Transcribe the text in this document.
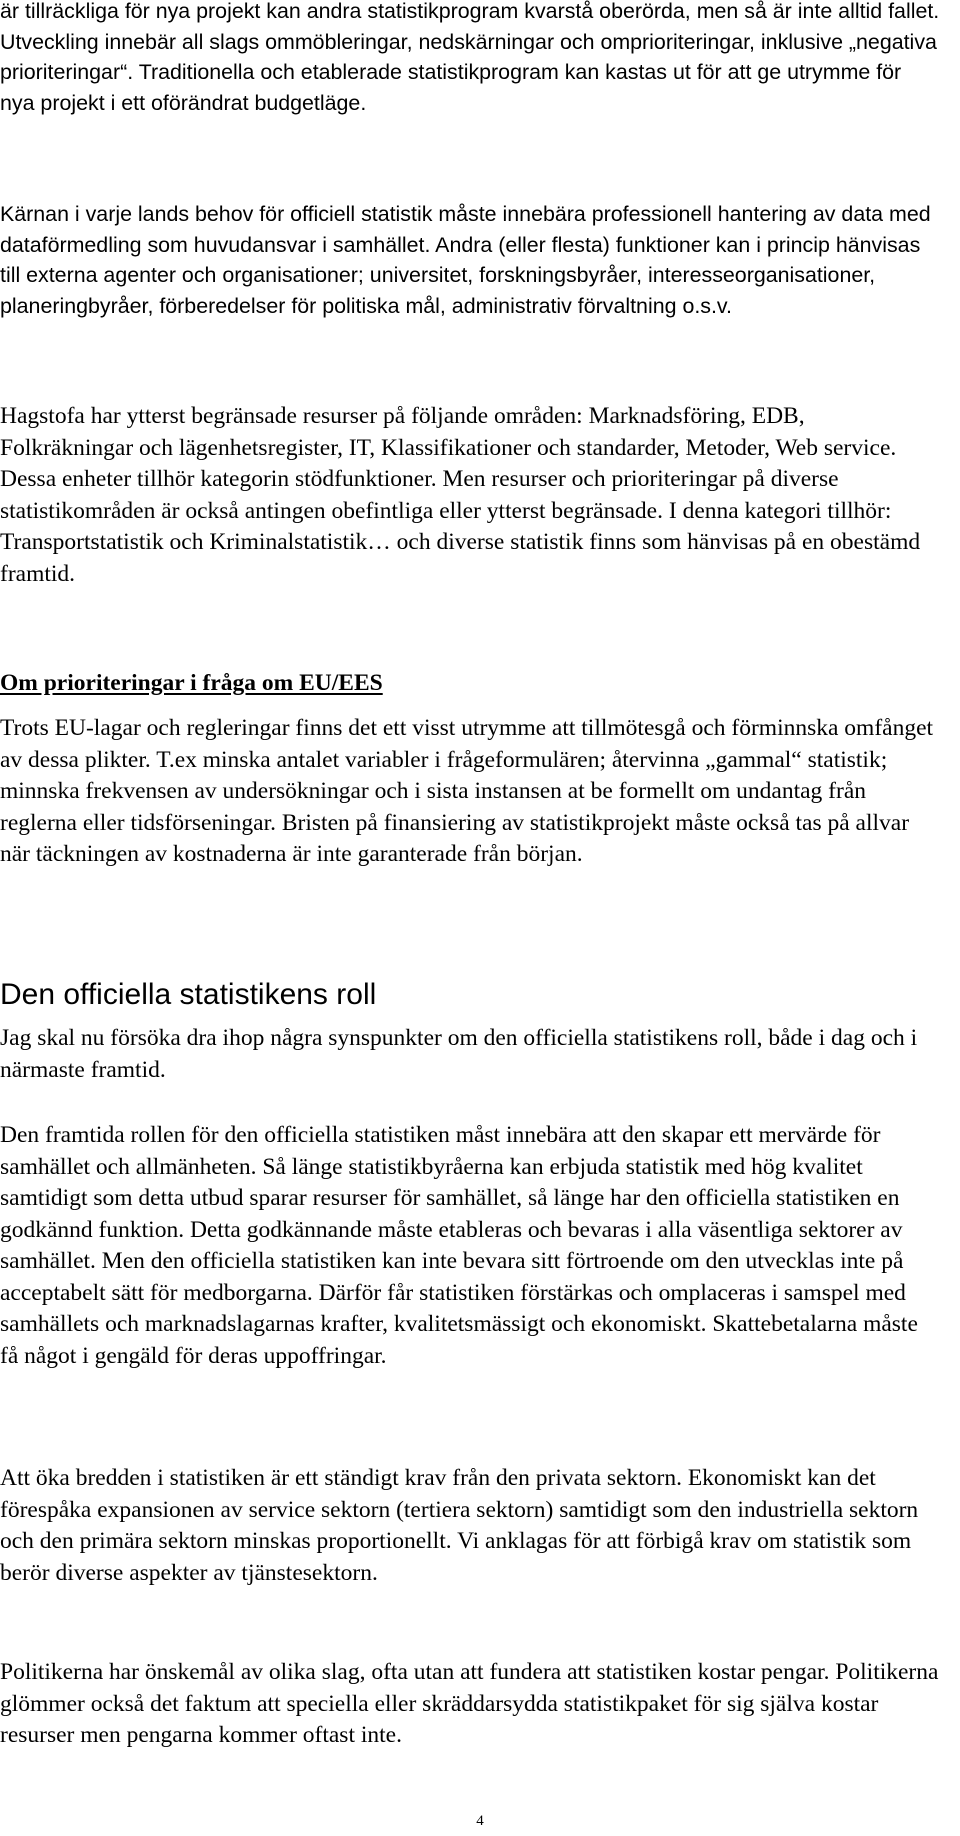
är tillräckliga för nya projekt kan andra statistikprogram kvarstå oberörda, men så är inte alltid fallet. Utveckling innebär all slags ommöbleringar, nedskärningar och omprioriteringar, inklusive „negativa prioriteringar“. Traditionella och etablerade statistikprogram kan kastas ut för att ge utrymme för nya projekt i ett oförändrat budgetläge.

Kärnan i varje lands behov för officiell statistik måste innebära professionell hantering av data med dataförmedling som huvudansvar i samhället. Andra (eller flesta) funktioner kan i princip hänvisas till externa agenter och organisationer; universitet, forskningsbyråer, interesseorganisationer, planeringbyråer, förberedelser för politiska mål, administrativ förvaltning o.s.v.

Hagstofa har ytterst begränsade resurser på följande områden: Marknadsföring, EDB, Folkräkningar och lägenhetsregister, IT, Klassifikationer och standarder, Metoder, Web service. Dessa enheter tillhör kategorin stödfunktioner. Men resurser och prioriteringar på diverse statistikområden är också antingen obefintliga eller ytterst begränsade. I denna kategori tillhör: Transportstatistik och Kriminalstatistik… och diverse statistik finns som hänvisas på en obestämd framtid.

Om prioriteringar i fråga om EU/EES

Trots EU-lagar och regleringar finns det ett visst utrymme att tillmötesgå och förminnska omfånget av dessa plikter. T.ex minska antalet variabler i frågeformulären; återvinna „gammal“ statistik; minnska frekvensen av undersökningar och i sista instansen at be formellt om undantag från reglerna eller tidsförseningar. Bristen på finansiering av statistikprojekt måste också tas på allvar när täckningen av kostnaderna är inte garanterade från början.

Den officiella statistikens roll

Jag skal nu försöka dra ihop några synspunkter om den officiella statistikens roll, både i dag och i närmaste framtid.

Den framtida rollen för den officiella statistiken måst innebära att den skapar ett mervärde för samhället och allmänheten. Så länge statistikbyråerna kan erbjuda statistik med hög kvalitet samtidigt som detta utbud sparar resurser för samhället, så länge har den officiella statistiken en godkännd funktion. Detta godkännande måste etableras och bevaras i alla väsentliga sektorer av samhället. Men den officiella statistiken kan inte bevara sitt förtroende om den utvecklas inte på acceptabelt sätt för medborgarna. Därför får statistiken förstärkas och omplaceras i samspel med samhällets och marknadslagarnas krafter, kvalitetsmässigt och ekonomiskt. Skattebetalarna måste få något i gengäld för deras uppoffringar.

Att öka bredden i statistiken är ett ständigt krav från den privata sektorn. Ekonomiskt kan det förespåka expansionen av service sektorn (tertiera sektorn) samtidigt som den industriella sektorn och den primära sektorn minskas proportionellt. Vi anklagas för att förbigå krav om statistik som berör diverse aspekter av tjänstesektorn.

Politikerna har önskemål av olika slag, ofta utan att fundera att statistiken kostar pengar. Politikerna glömmer också det faktum att speciella eller skräddarsydda statistikpaket för sig själva kostar resurser men pengarna kommer oftast inte.

4
